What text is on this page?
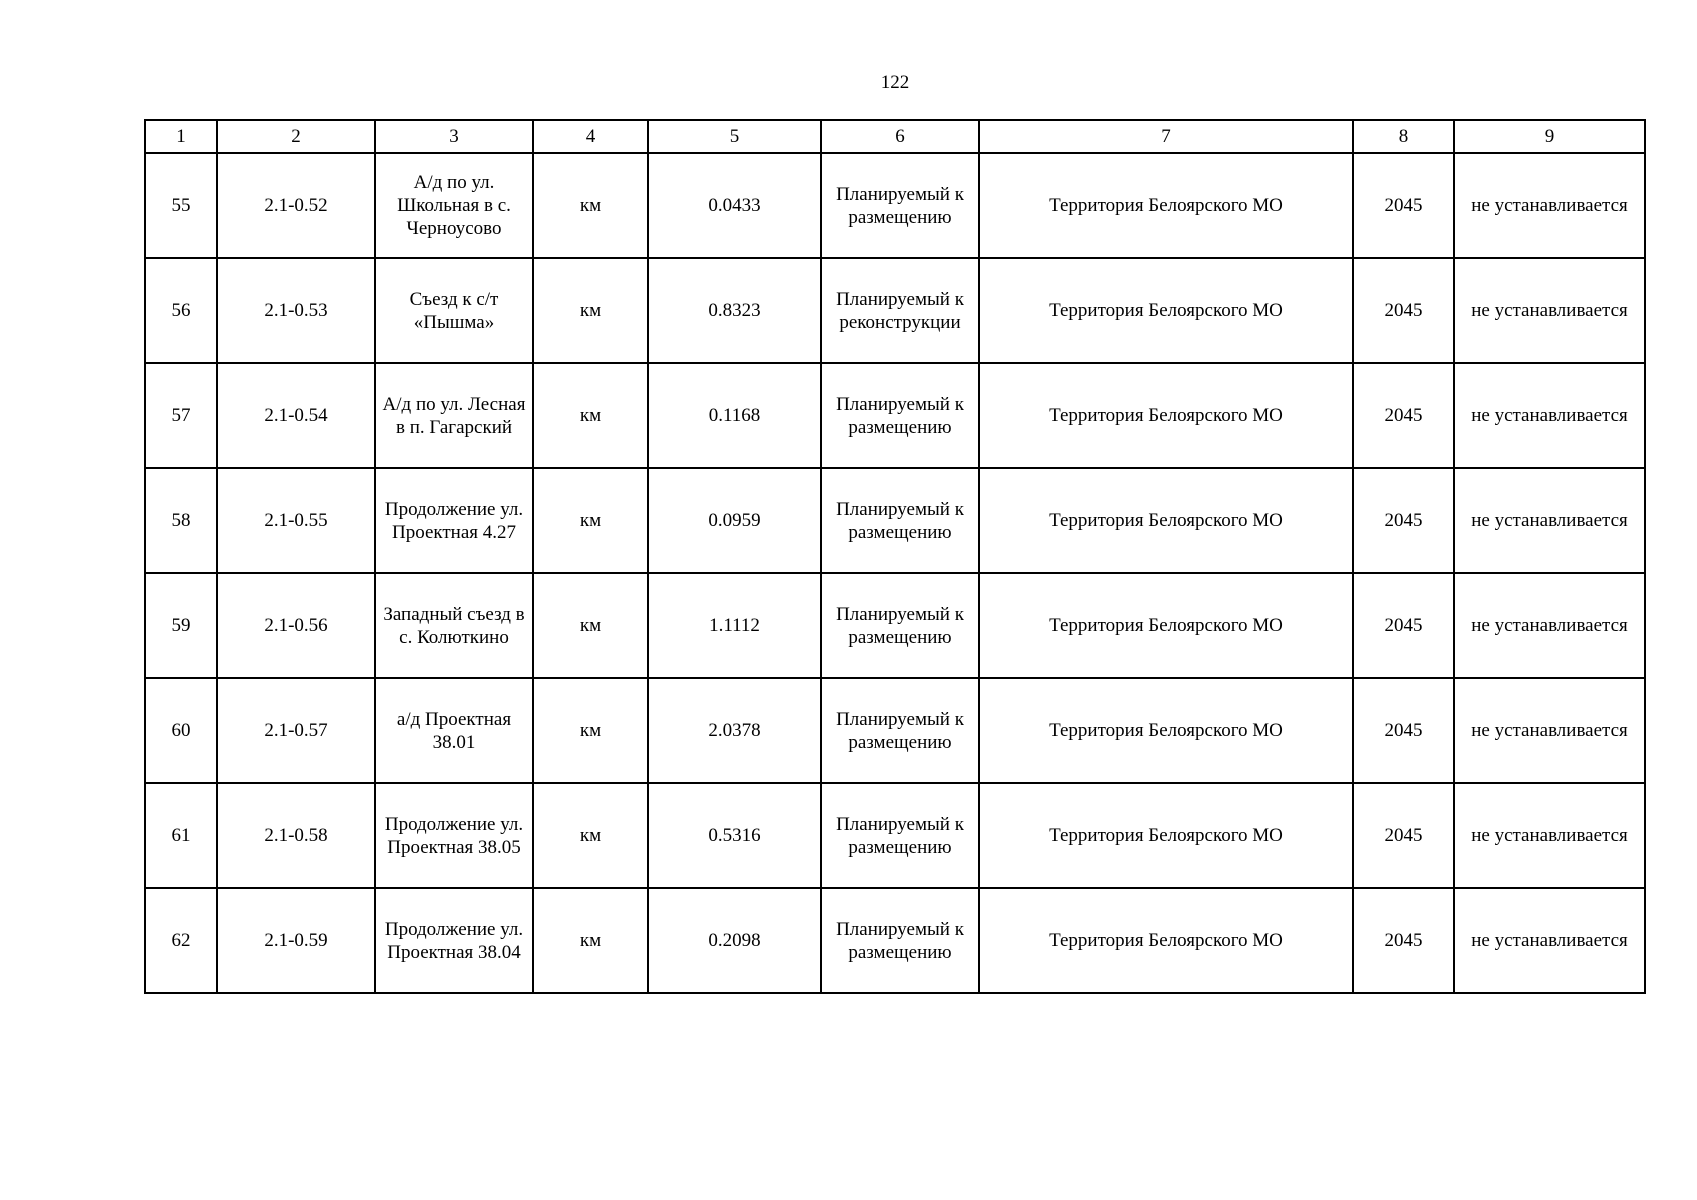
122
1	2	3	4	5	6	7	8	9
55	2.1-0.52	А/д по ул. Школьная в с. Черноусово	км	0.0433	Планируемый к размещению	Территория Белоярского МО	2045	не устанавливается
56	2.1-0.53	Съезд к с/т «Пышма»	км	0.8323	Планируемый к реконструкции	Территория Белоярского МО	2045	не устанавливается
57	2.1-0.54	А/д по ул. Лесная в п. Гагарский	км	0.1168	Планируемый к размещению	Территория Белоярского МО	2045	не устанавливается
58	2.1-0.55	Продолжение ул. Проектная 4.27	км	0.0959	Планируемый к размещению	Территория Белоярского МО	2045	не устанавливается
59	2.1-0.56	Западный съезд в с. Колюткино	км	1.1112	Планируемый к размещению	Территория Белоярского МО	2045	не устанавливается
60	2.1-0.57	а/д Проектная 38.01	км	2.0378	Планируемый к размещению	Территория Белоярского МО	2045	не устанавливается
61	2.1-0.58	Продолжение ул. Проектная 38.05	км	0.5316	Планируемый к размещению	Территория Белоярского МО	2045	не устанавливается
62	2.1-0.59	Продолжение ул. Проектная 38.04	км	0.2098	Планируемый к размещению	Территория Белоярского МО	2045	не устанавливается
